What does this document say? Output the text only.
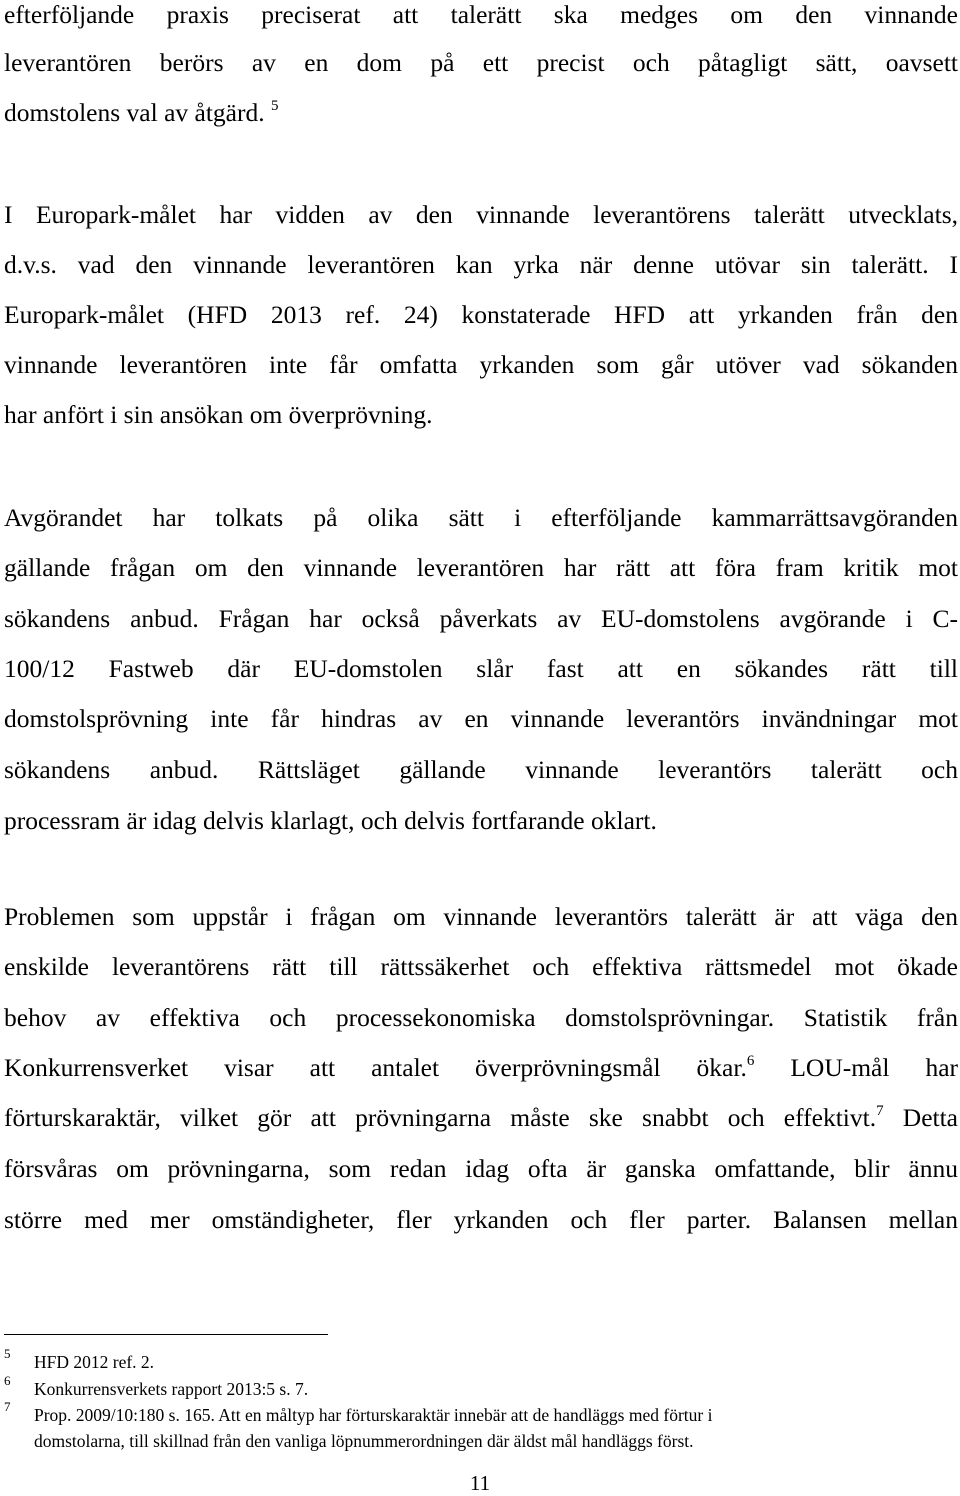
efterföljande praxis preciserat att talerätt ska medges om den vinnande
leverantören berörs av en dom på ett precist och påtagligt sätt, oavsett
domstolens val av åtgärd. $^5$
I Europark-målet har vidden av den vinnande leverantörens talerätt utvecklats,
d.v.s. vad den vinnande leverantören kan yrka när denne utövar sin talerätt. I
Europark-målet (HFD 2013 ref. 24) konstaterade HFD att yrkanden från den
vinnande leverantören inte får omfatta yrkanden som går utöver vad sökanden
har anfört i sin ansökan om överprövning.
Avgörandet har tolkats på olika sätt i efterföljande kammarrättsavgöranden
gällande frågan om den vinnande leverantören har rätt att föra fram kritik mot
sökandens anbud. Frågan har också påverkats av EU-domstolens avgörande i C-
100/12 Fastweb där EU-domstolen slår fast att en sökandes rätt till
domstolsprövning inte får hindras av en vinnande leverantörs invändningar mot
sökandens anbud. Rättsläget gällande vinnande leverantörs talerätt och
processram är idag delvis klarlagt, och delvis fortfarande oklart.
Problemen som uppstår i frågan om vinnande leverantörs talerätt är att väga den
enskilde leverantörens rätt till rättssäkerhet och effektiva rättsmedel mot ökade
behov av effektiva och processekonomiska domstolsprövningar. Statistik från
Konkurrensverket visar att antalet överprövningsmål ökar.$^6$ LOU-mål har
förturskaraktär, vilket gör att prövningarna måste ske snabbt och effektivt.$^7$ Detta
försvåras om prövningarna, som redan idag ofta är ganska omfattande, blir ännu
större med mer omständigheter, fler yrkanden och fler parter. Balansen mellan
5 HFD 2012 ref. 2.
6 Konkurrensverkets rapport 2013:5 s. 7.
7 Prop. 2009/10:180 s. 165. Att en måltyp har förturskaraktär innebär att de handläggs med förtur i
domstolarna, till skillnad från den vanliga löpnummerordningen där äldst mål handläggs först.
11
